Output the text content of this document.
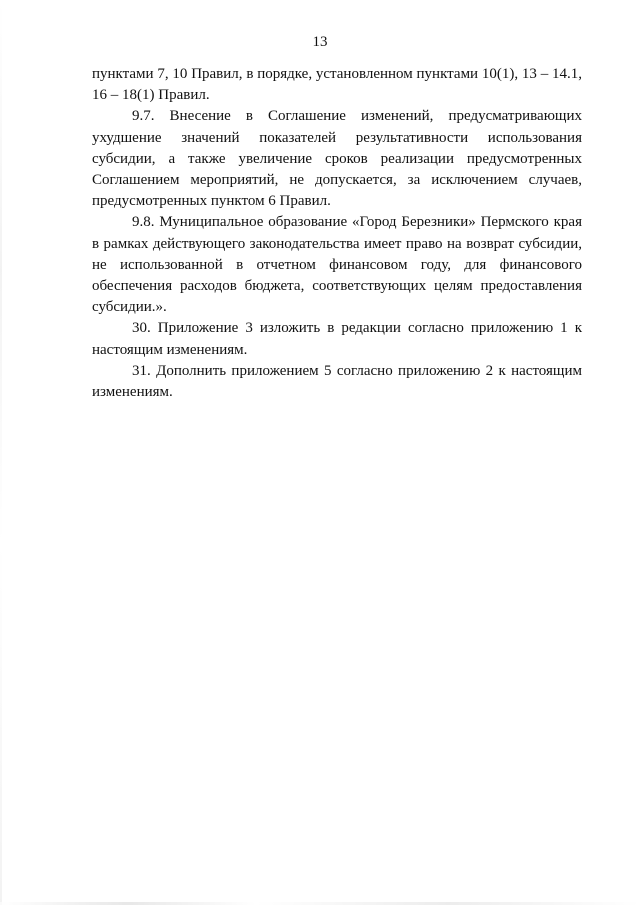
13

пунктами 7, 10 Правил, в порядке, установленном пунктами 10(1), 13 – 14.1, 16 – 18(1) Правил.

9.7. Внесение в Соглашение изменений, предусматривающих ухудшение значений показателей результативности использования субсидии, а также увеличение сроков реализации предусмотренных Соглашением мероприятий, не допускается, за исключением случаев, предусмотренных пунктом 6 Правил.

9.8. Муниципальное образование «Город Березники» Пермского края в рамках действующего законодательства имеет право на возврат субсидии, не использованной в отчетном финансовом году, для финансового обеспечения расходов бюджета, соответствующих целям предоставления субсидии.».

30. Приложение 3 изложить в редакции согласно приложению 1 к настоящим изменениям.

31. Дополнить приложением 5 согласно приложению 2 к настоящим изменениям.
